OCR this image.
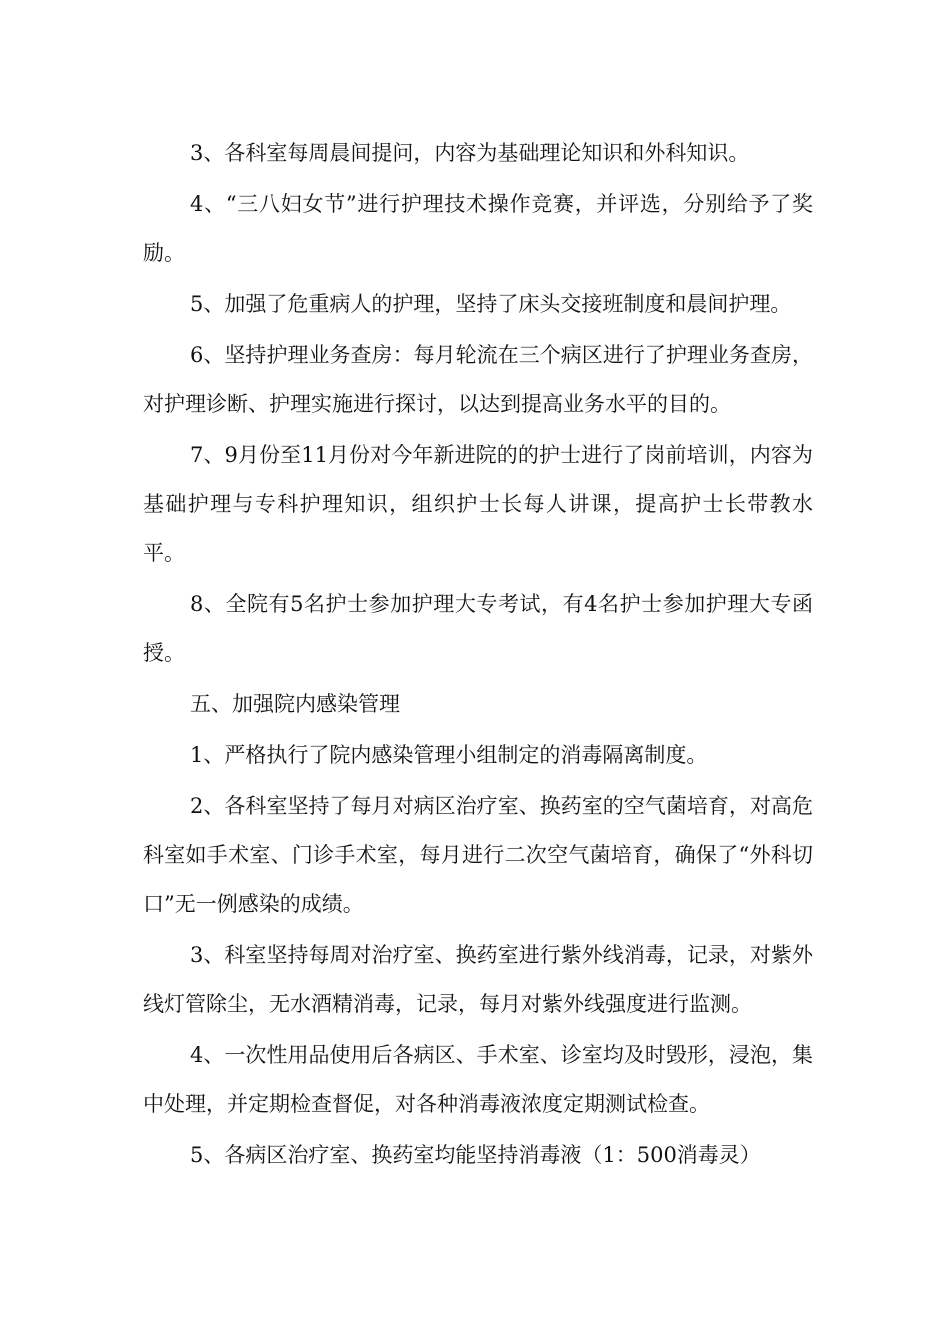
3、各科室每周晨间提问，内容为基础理论知识和外科知识。

4、“三八妇女节”进行护理技术操作竞赛，并评选，分别给予了奖励。

5、加强了危重病人的护理，坚持了床头交接班制度和晨间护理。

6、坚持护理业务查房：每月轮流在三个病区进行了护理业务查房，对护理诊断、护理实施进行探讨，以达到提高业务水平的目的。

7、9月份至11月份对今年新进院的的护士进行了岗前培训，内容为基础护理与专科护理知识，组织护士长每人讲课，提高护士长带教水平。

8、全院有5名护士参加护理大专考试，有4名护士参加护理大专函授。

五、加强院内感染管理

1、严格执行了院内感染管理小组制定的消毒隔离制度。

2、各科室坚持了每月对病区治疗室、换药室的空气菌培育，对高危科室如手术室、门诊手术室，每月进行二次空气菌培育，确保了“外科切口”无一例感染的成绩。

3、科室坚持每周对治疗室、换药室进行紫外线消毒，记录，对紫外线灯管除尘，无水酒精消毒，记录，每月对紫外线强度进行监测。

4、一次性用品使用后各病区、手术室、诊室均及时毁形，浸泡，集中处理，并定期检查督促，对各种消毒液浓度定期测试检查。

5、各病区治疗室、换药室均能坚持消毒液（1：500消毒灵）
